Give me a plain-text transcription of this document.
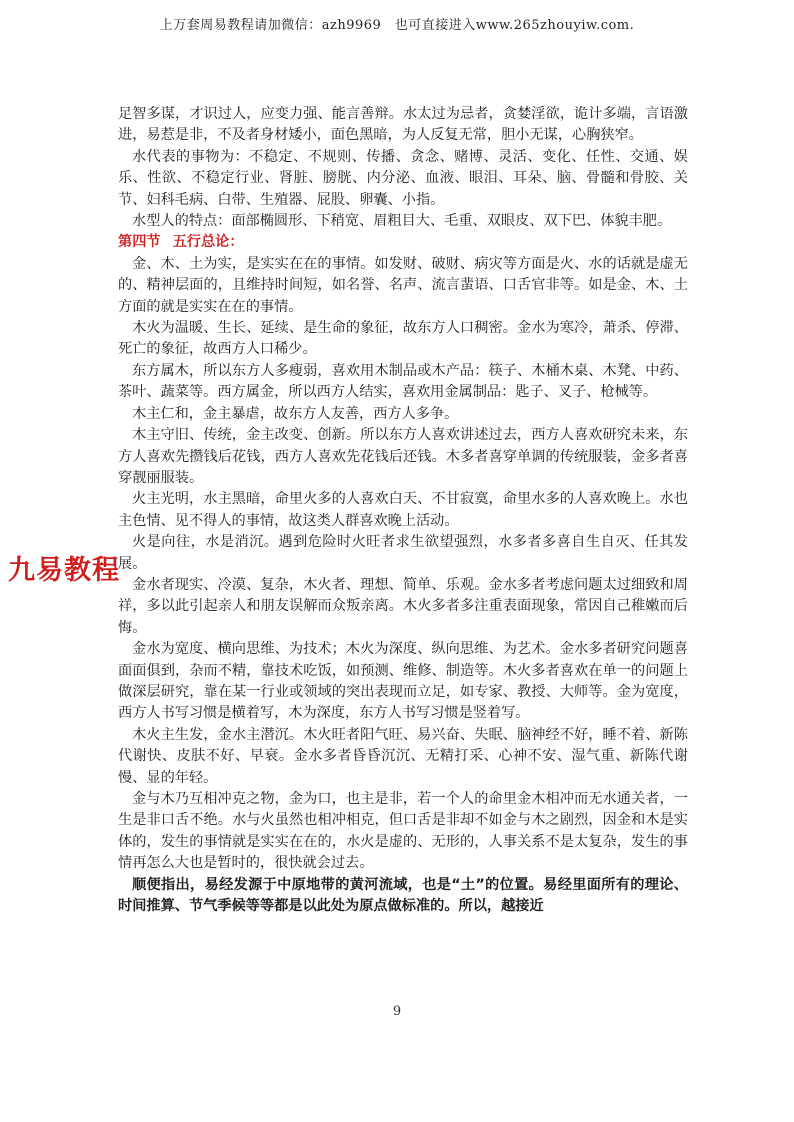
上万套周易教程请加微信：azh9969　也可直接进入www.265zhouyiw.com.

足智多谋，才识过人，应变力强、能言善辩。水太过为忌者，贪婪淫欲，诡计多端，言语激进，易惹是非，不及者身材矮小，面色黑暗，为人反复无常，胆小无谋，心胸狭窄。

水代表的事物为：不稳定、不规则、传播、贪念、赌博、灵活、变化、任性、交通、娱乐、性欲、不稳定行业、肾脏、膀胱、内分泌、血液、眼泪、耳朵、脑、骨髓和骨胶、关节、妇科毛病、白带、生殖器、屁股、卵囊、小指。

水型人的特点：面部椭圆形、下稍宽、眉粗目大、毛重、双眼皮、双下巴、体貌丰肥。

第四节 五行总论：

金、木、土为实，是实实在在的事情。如发财、破财、病灾等方面是火、水的话就是虚无的、精神层面的，且维持时间短，如名誉、名声、流言蜚语、口舌官非等。如是金、木、土方面的就是实实在在的事情。

木火为温暖、生长、延续、是生命的象征，故东方人口稠密。金水为寒冷，萧杀、停滞、死亡的象征，故西方人口稀少。

东方属木，所以东方人多瘦弱，喜欢用木制品或木产品：筷子、木桶木桌、木凳、中药、茶叶、蔬菜等。西方属金，所以西方人结实，喜欢用金属制品：匙子、叉子、枪械等。

木主仁和，金主暴虐，故东方人友善，西方人多争。

木主守旧、传统，金主改变、创新。所以东方人喜欢讲述过去，西方人喜欢研究未来，东方人喜欢先攒钱后花钱，西方人喜欢先花钱后还钱。木多者喜穿单调的传统服装，金多者喜穿靓丽服装。

火主光明，水主黑暗，命里火多的人喜欢白天、不甘寂寞，命里水多的人喜欢晚上。水也主色情、见不得人的事情，故这类人群喜欢晚上活动。

火是向往，水是消沉。遇到危险时火旺者求生欲望强烈，水多者多喜自生自灭、任其发展。

金水者现实、冷漠、复杂，木火者、理想、简单、乐观。金水多者考虑问题太过细致和周祥，多以此引起亲人和朋友误解而众叛亲离。木火多者多注重表面现象，常因自己稚嫩而后悔。

金水为宽度、横向思维、为技术；木火为深度、纵向思维、为艺术。金水多者研究问题喜面面俱到，杂而不精，靠技术吃饭，如预测、维修、制造等。木火多者喜欢在单一的问题上做深层研究，靠在某一行业或领域的突出表现而立足，如专家、教授、大师等。金为宽度，西方人书写习惯是横着写，木为深度，东方人书写习惯是竖着写。

木火主生发，金水主潜沉。木火旺者阳气旺、易兴奋、失眠、脑神经不好，睡不着、新陈代谢快、皮肤不好、早衰。金水多者昏昏沉沉、无精打采、心神不安、湿气重、新陈代谢慢、显的年轻。

金与木乃互相冲克之物，金为口，也主是非，若一个人的命里金木相冲而无水通关者，一生是非口舌不绝。水与火虽然也相冲相克，但口舌是非却不如金与木之剧烈，因金和木是实体的，发生的事情就是实实在在的，水火是虚的、无形的，人事关系不是太复杂，发生的事情再怎么大也是暂时的，很快就会过去。

顺便指出，易经发源于中原地带的黄河流域，也是“土”的位置。易经里面所有的理论、时间推算、节气季候等等都是以此处为原点做标准的。所以，越接近

九易教程
9
